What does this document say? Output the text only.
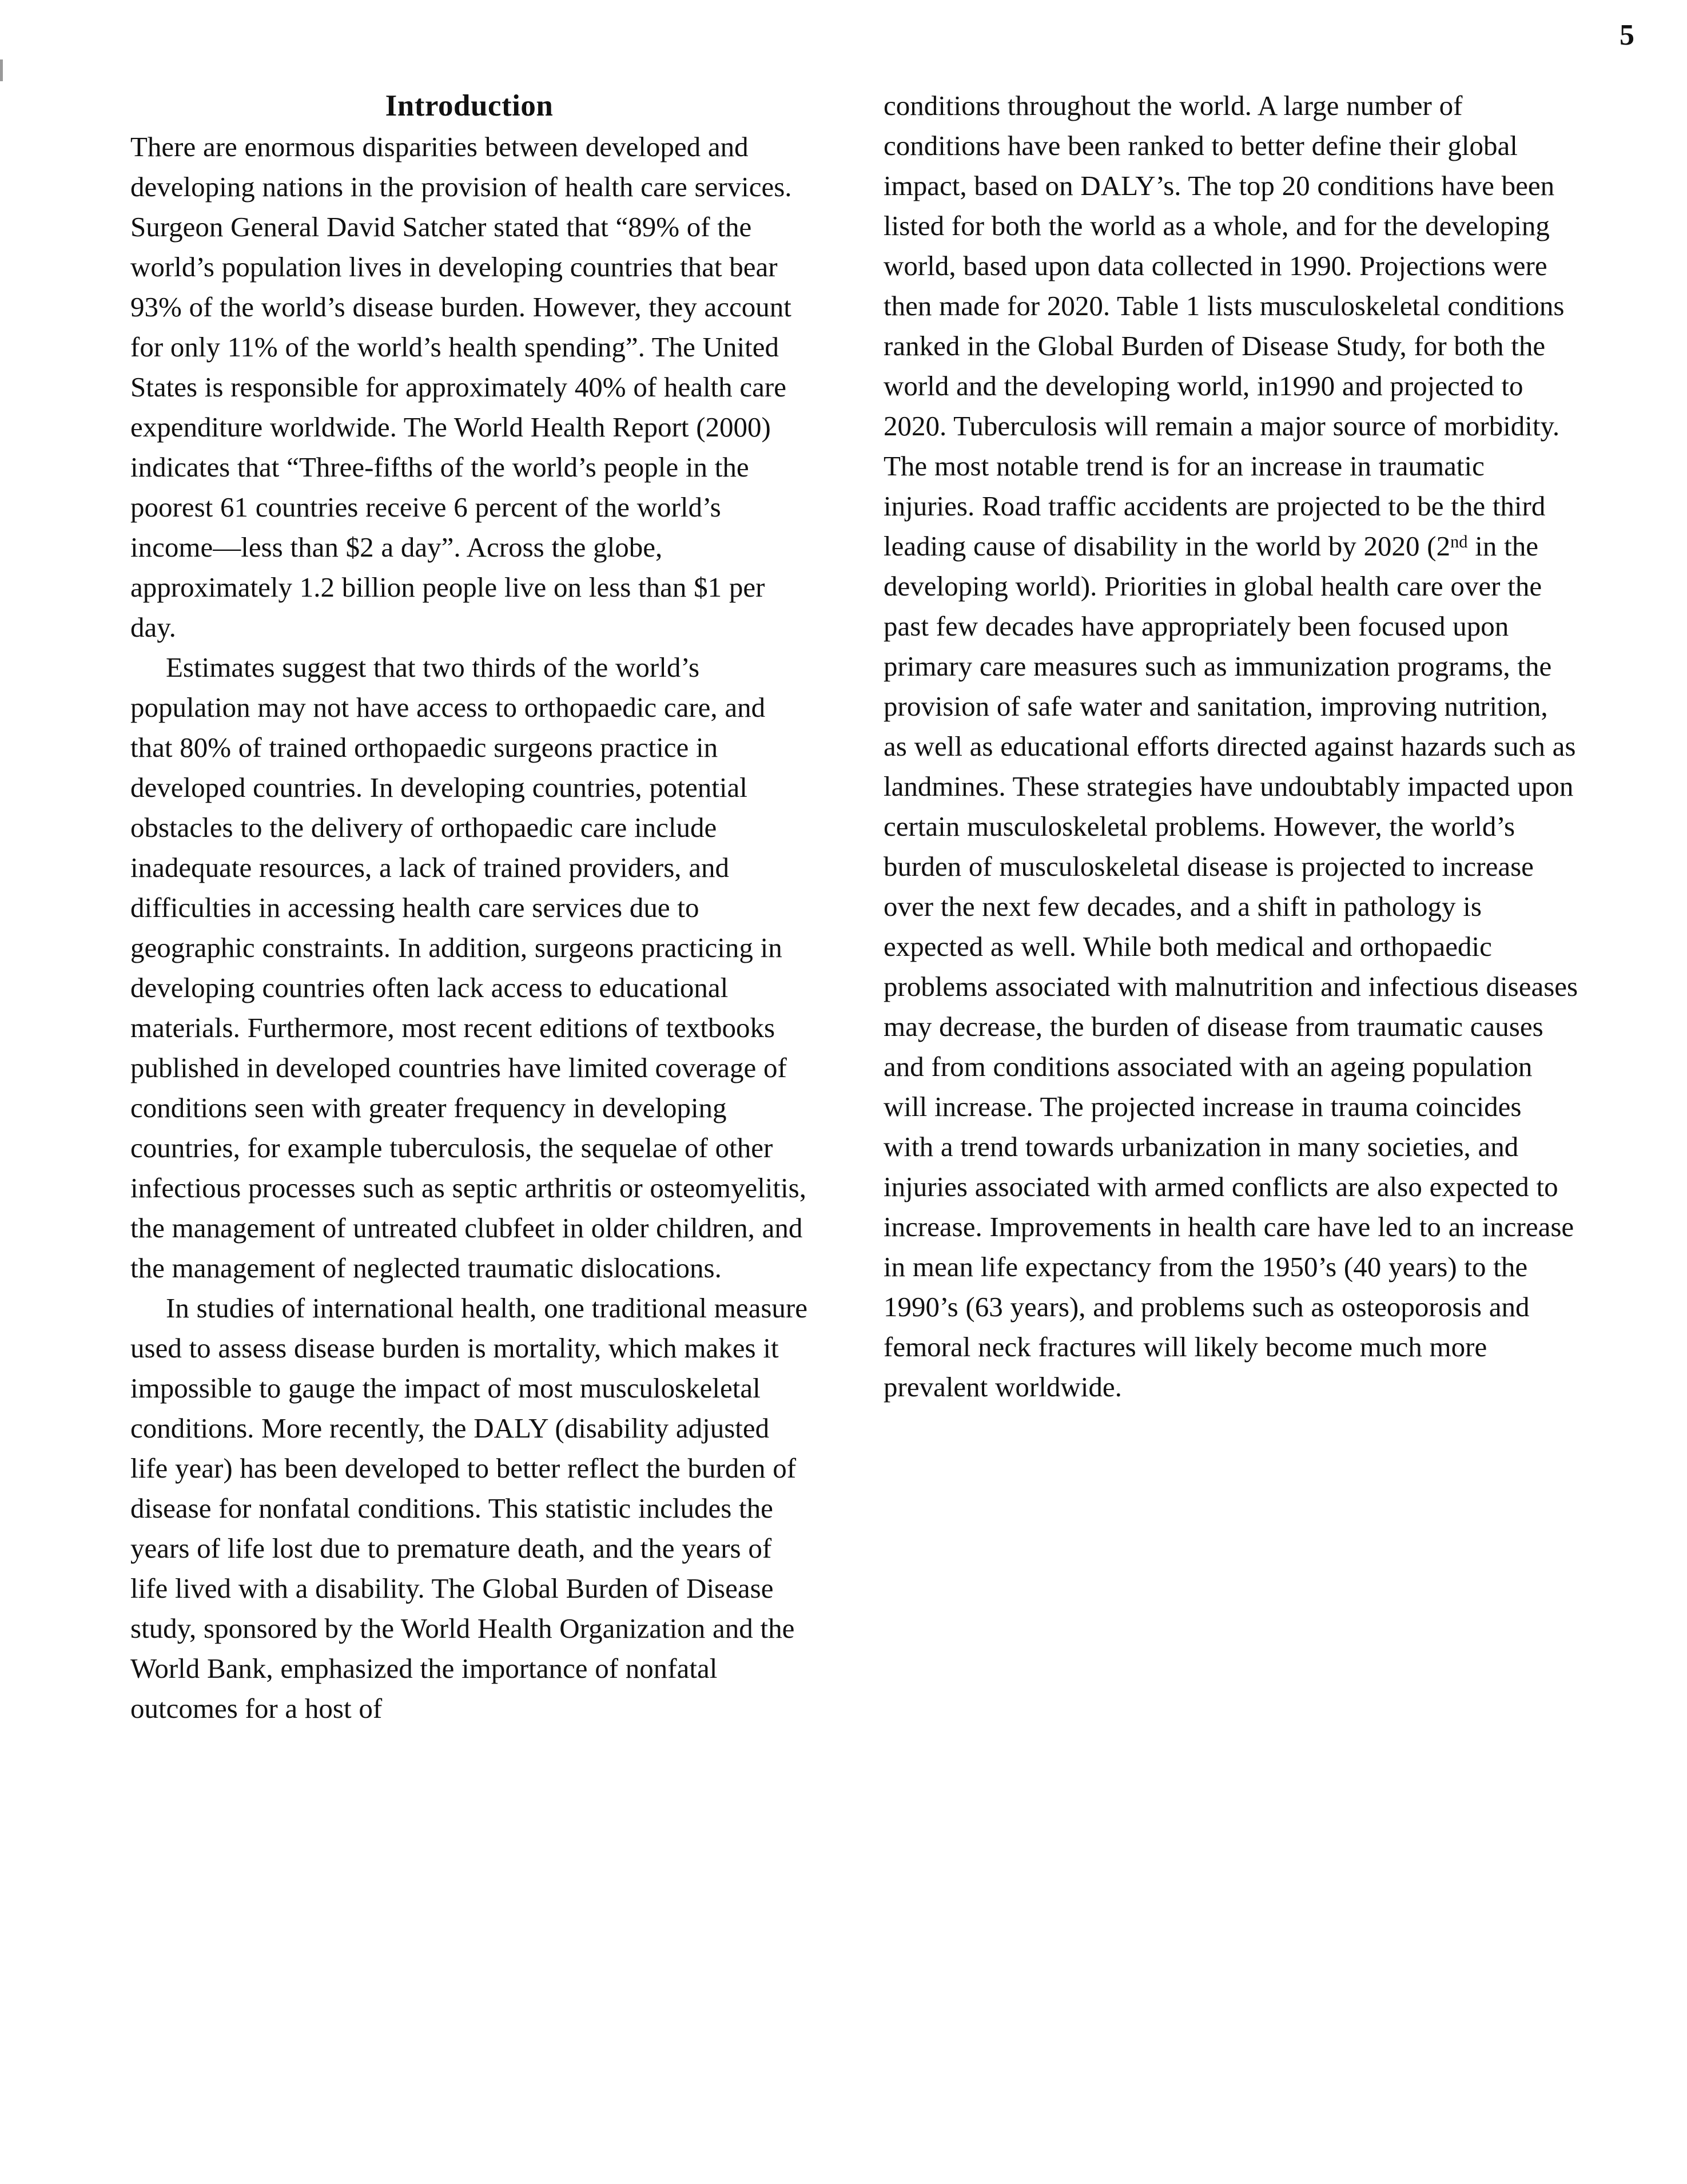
5
Introduction

There are enormous disparities between developed and developing nations in the provision of health care services. Surgeon General David Satcher stated that “89% of the world’s population lives in developing countries that bear 93% of the world’s disease burden. However, they account for only 11% of the world’s health spending”. The United States is responsible for approximately 40% of health care expenditure worldwide. The World Health Report (2000) indicates that “Three-fifths of the world’s people in the poorest 61 countries receive 6 percent of the world’s income—less than $2 a day”. Across the globe, approximately 1.2 billion people live on less than $1 per day.

Estimates suggest that two thirds of the world’s population may not have access to orthopaedic care, and that 80% of trained orthopaedic surgeons practice in developed countries. In developing countries, potential obstacles to the delivery of orthopaedic care include inadequate resources, a lack of trained providers, and difficulties in accessing health care services due to geographic constraints. In addition, surgeons practicing in developing countries often lack access to educational materials. Furthermore, most recent editions of textbooks published in developed countries have limited coverage of conditions seen with greater frequency in developing countries, for example tuberculosis, the sequelae of other infectious processes such as septic arthritis or osteomyelitis, the management of untreated clubfeet in older children, and the management of neglected traumatic dislocations.

In studies of international health, one traditional measure used to assess disease burden is mortality, which makes it impossible to gauge the impact of most musculoskeletal conditions. More recently, the DALY (disability adjusted life year) has been developed to better reflect the burden of disease for nonfatal conditions. This statistic includes the years of life lost due to premature death, and the years of life lived with a disability. The Global Burden of Disease study, sponsored by the World Health Organization and the World Bank, emphasized the importance of nonfatal outcomes for a host of

conditions throughout the world. A large number of conditions have been ranked to better define their global impact, based on DALY’s. The top 20 conditions have been listed for both the world as a whole, and for the developing world, based upon data collected in 1990. Projections were then made for 2020. Table 1 lists musculoskeletal conditions ranked in the Global Burden of Disease Study, for both the world and the developing world, in1990 and projected to 2020. Tuberculosis will remain a major source of morbidity. The most notable trend is for an increase in traumatic injuries. Road traffic accidents are projected to be the third leading cause of disability in the world by 2020 (2nd in the developing world). Priorities in global health care over the past few decades have appropriately been focused upon primary care measures such as immunization programs, the provision of safe water and sanitation, improving nutrition, as well as educational efforts directed against hazards such as landmines. These strategies have undoubtably impacted upon certain musculoskeletal problems. However, the world’s burden of musculoskeletal disease is projected to increase over the next few decades, and a shift in pathology is expected as well. While both medical and orthopaedic problems associated with malnutrition and infectious diseases may decrease, the burden of disease from traumatic causes and from conditions associated with an ageing population will increase. The projected increase in trauma coincides with a trend towards urbanization in many societies, and injuries associated with armed conflicts are also expected to increase. Improvements in health care have led to an increase in mean life expectancy from the 1950’s (40 years) to the 1990’s (63 years), and problems such as osteoporosis and femoral neck fractures will likely become much more prevalent worldwide.
